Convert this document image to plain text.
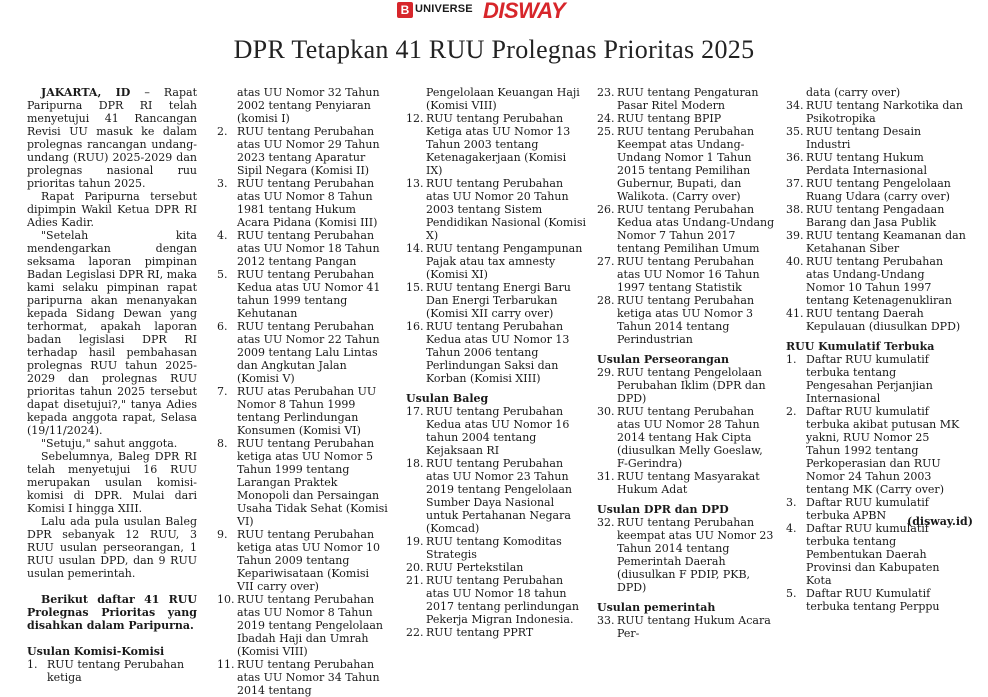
B UNIVERSE DISWAY
DPR Tetapkan 41 RUU Prolegnas Prioritas 2025

JAKARTA, ID – Rapat Paripurna DPR RI telah menyetujui 41 Rancangan Revisi UU masuk ke dalam prolegnas rancangan undang-undang (RUU) 2025-2029 dan prolegnas nasional ruu prioritas tahun 2025.

Rapat Paripurna tersebut dipimpin Wakil Ketua DPR RI Adies Kadir.

"Setelah kita mendengarkan dengan seksama laporan pimpinan Badan Legislasi DPR RI, maka kami selaku pimpinan rapat paripurna akan menanyakan kepada Sidang Dewan yang terhormat, apakah laporan badan legislasi DPR RI terhadap hasil pembahasan prolegnas RUU tahun 2025-2029 dan prolegnas RUU prioritas tahun 2025 tersebut dapat disetujui?," tanya Adies kepada anggota rapat, Selasa (19/11/2024).

"Setuju," sahut anggota.

Sebelumnya, Baleg DPR RI telah menyetujui 16 RUU merupakan usulan komisi-komisi di DPR. Mulai dari Komisi I hingga XIII.

Lalu ada pula usulan Baleg DPR sebanyak 12 RUU, 3 RUU usulan perseorangan, 1 RUU usulan DPD, dan 9 RUU usulan pemerintah.

Berikut daftar 41 RUU Prolegnas Prioritas yang disahkan dalam Paripurna.

Usulan Komisi-Komisi
1. RUU tentang Perubahan ketiga
atas UU Nomor 32 Tahun 2002 tentang Penyiaran (komisi I)
2. RUU tentang Perubahan atas UU Nomor 29 Tahun 2023 tentang Aparatur Sipil Negara (Komisi II)
3. RUU tentang Perubahan atas UU Nomor 8 Tahun 1981 tentang Hukum Acara Pidana (Komisi III)
4. RUU tentang Perubahan atas UU Nomor 18 Tahun 2012 tentang Pangan
5. RUU tentang Perubahan Kedua atas UU Nomor 41 tahun 1999 tentang Kehutanan
6. RUU tentang Perubahan atas UU Nomor 22 Tahun 2009 tentang Lalu Lintas dan Angkutan Jalan (Komisi V)
7. RUU atas Perubahan UU Nomor 8 Tahun 1999 tentang Perlindungan Konsumen (Komisi VI)
8. RUU tentang Perubahan ketiga atas UU Nomor 5 Tahun 1999 tentang Larangan Praktek Monopoli dan Persaingan Usaha Tidak Sehat (Komisi VI)
9. RUU tentang Perubahan ketiga atas UU Nomor 10 Tahun 2009 tentang Kepariwisataan (Komisi VII carry over)
10. RUU tentang Perubahan atas UU Nomor 8 Tahun 2019 tentang Pengelolaan Ibadah Haji dan Umrah (Komisi VIII)
11. RUU tentang Perubahan atas UU Nomor 34 Tahun 2014 tentang
Pengelolaan Keuangan Haji (Komisi VIII)
12. RUU tentang Perubahan Ketiga atas UU Nomor 13 Tahun 2003 tentang Ketenagakerjaan (Komisi IX)
13. RUU tentang Perubahan atas UU Nomor 20 Tahun 2003 tentang Sistem Pendidikan Nasional (Komisi X)
14. RUU tentang Pengampunan Pajak atau tax amnesty (Komisi XI)
15. RUU tentang Energi Baru Dan Energi Terbarukan (Komisi XII carry over)
16. RUU tentang Perubahan Kedua atas UU Nomor 13 Tahun 2006 tentang Perlindungan Saksi dan Korban (Komisi XIII)
Usulan Baleg
17. RUU tentang Perubahan Kedua atas UU Nomor 16 tahun 2004 tentang Kejaksaan RI
18. RUU tentang Perubahan atas UU Nomor 23 Tahun 2019 tentang Pengelolaan Sumber Daya Nasional untuk Pertahanan Negara (Komcad)
19. RUU tentang Komoditas Strategis
20. RUU Pertekstilan
21. RUU tentang Perubahan atas UU Nomor 18 tahun 2017 tentang perlindungan Pekerja Migran Indonesia.
22. RUU tentang PPRT
23. RUU tentang Pengaturan Pasar Ritel Modern
24. RUU tentang BPIP
25. RUU tentang Perubahan Keempat atas Undang-Undang Nomor 1 Tahun 2015 tentang Pemilihan Gubernur, Bupati, dan Walikota. (Carry over)
26. RUU tentang Perubahan Kedua atas Undang-Undang Nomor 7 Tahun 2017 tentang Pemilihan Umum
27. RUU tentang Perubahan atas UU Nomor 16 Tahun 1997 tentang Statistik
28. RUU tentang Perubahan ketiga atas UU Nomor 3 Tahun 2014 tentang Perindustrian
Usulan Perseorangan
29. RUU tentang Pengelolaan Perubahan Iklim (DPR dan DPD)
30. RUU tentang Perubahan atas UU Nomor 28 Tahun 2014 tentang Hak Cipta (diusulkan Melly Goeslaw, F-Gerindra)
31. RUU tentang Masyarakat Hukum Adat
Usulan DPR dan DPD
32. RUU tentang Perubahan keempat atas UU Nomor 23 Tahun 2014 tentang Pemerintah Daerah (diusulkan F PDIP, PKB, DPD)
Usulan pemerintah
33. RUU tentang Hukum Acara Per-
data (carry over)
34. RUU tentang Narkotika dan Psikotropika
35. RUU tentang Desain Industri
36. RUU tentang Hukum Perdata Internasional
37. RUU tentang Pengelolaan Ruang Udara (carry over)
38. RUU tentang Pengadaan Barang dan Jasa Publik
39. RUU tentang Keamanan dan Ketahanan Siber
40. RUU tentang Perubahan atas Undang-Undang Nomor 10 Tahun 1997 tentang Ketenagenukliran
41. RUU tentang Daerah Kepulauan (diusulkan DPD)
RUU Kumulatif Terbuka
1. Daftar RUU kumulatif terbuka tentang Pengesahan Perjanjian Internasional
2. Daftar RUU kumulatif terbuka akibat putusan MK yakni, RUU Nomor 25 Tahun 1992 tentang Perkoperasian dan RUU Nomor 24 Tahun 2003 tentang MK (Carry over)
3. Daftar RUU kumulatif terbuka APBN
4. Daftar RUU kumulatif terbuka tentang Pembentukan Daerah Provinsi dan Kabupaten Kota
5. Daftar RUU Kumulatif terbuka tentang Perppu
(disway.id)
